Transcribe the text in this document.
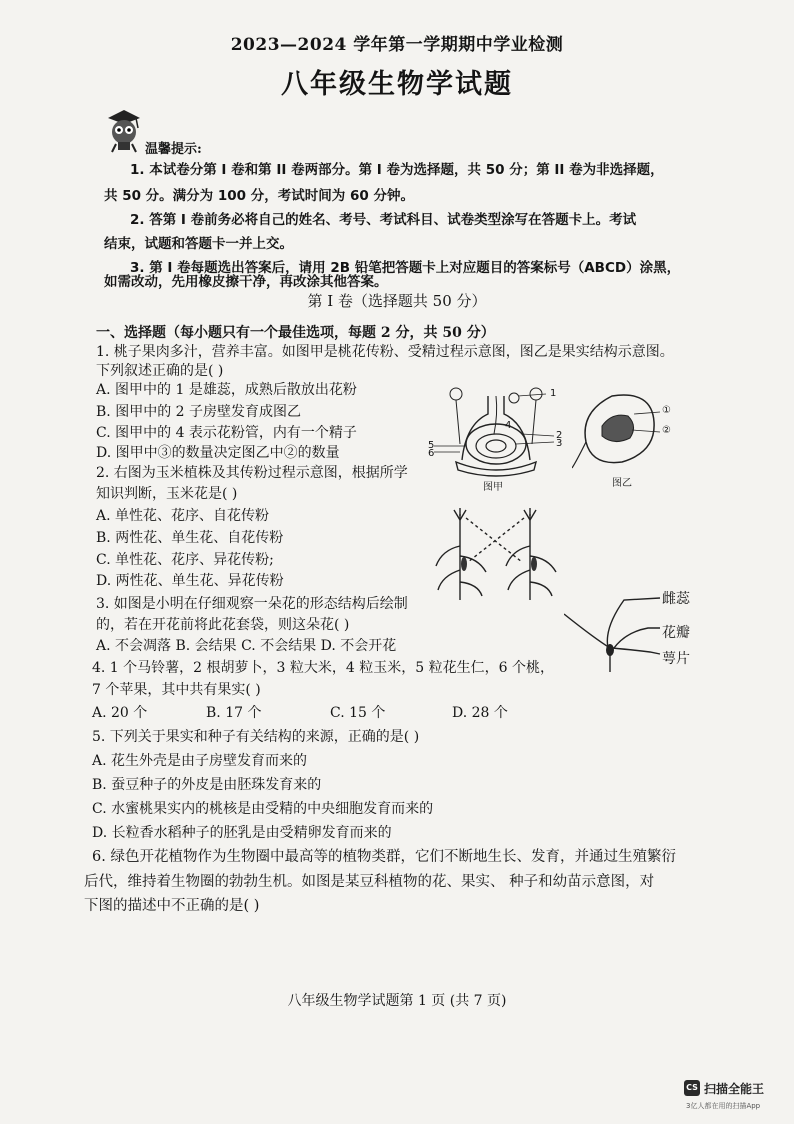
2023—2024 学年第一学期期中学业检测
八年级生物学试题
温馨提示:
1. 本试卷分第 I 卷和第 II 卷两部分。第 I 卷为选择题，共 50 分；第 II 卷为非选择题，
共 50 分。满分为 100 分，考试时间为 60 分钟。
2. 答第 I 卷前务必将自己的姓名、考号、考试科目、试卷类型涂写在答题卡上。考试
结束，试题和答题卡一并上交。
3. 第 I 卷每题选出答案后，请用 2B 铅笔把答题卡上对应题目的答案标号（ABCD）涂黑，
如需改动，先用橡皮擦干净，再改涂其他答案。
第 I 卷（选择题共 50 分）
一、选择题（每小题只有一个最佳选项，每题 2 分，共 50 分）
1. 桃子果肉多汁，营养丰富。如图甲是桃花传粉、受精过程示意图，图乙是果实结构示意图。
下列叙述正确的是( )
A. 图甲中的 1 是雄蕊，成熟后散放出花粉
B. 图甲中的 2 子房壁发育成图乙
C. 图甲中的 4 表示花粉管，内有一个精子
D. 图甲中③的数量决定图乙中②的数量
1
2
3
4
5
6
图甲
①
②
图乙
2. 右图为玉米植株及其传粉过程示意图，根据所学
知识判断，玉米花是( )
A. 单性花、花序、自花传粉
B. 两性花、单生花、自花传粉
C. 单性花、花序、异花传粉;
D. 两性花、单生花、异花传粉
3. 如图是小明在仔细观察一朵花的形态结构后绘制
的，若在开花前将此花套袋，则这朵花( )
A. 不会凋落 B. 会结果 C. 不会结果 D. 不会开花
雌蕊
花瓣
萼片
4. 1 个马铃薯，2 根胡萝卜，3 粒大米，4 粒玉米，5 粒花生仁，6 个桃，
7 个苹果，其中共有果实( )
A. 20 个	B. 17 个	C. 15 个	D. 28 个
5. 下列关于果实和种子有关结构的来源，正确的是( )
A. 花生外壳是由子房壁发育而来的
B. 蚕豆种子的外皮是由胚珠发育来的
C. 水蜜桃果实内的桃核是由受精的中央细胞发育而来的
D. 长粒香水稻种子的胚乳是由受精卵发育而来的
6. 绿色开花植物作为生物圈中最高等的植物类群，它们不断地生长、发育，并通过生殖繁衍
后代，维持着生物圈的勃勃生机。如图是某豆科植物的花、果实、 种子和幼苗示意图，对
下图的描述中不正确的是( )
八年级生物学试题第 1 页 (共 7 页)
CS 扫描全能王
3亿人都在用的扫描App
